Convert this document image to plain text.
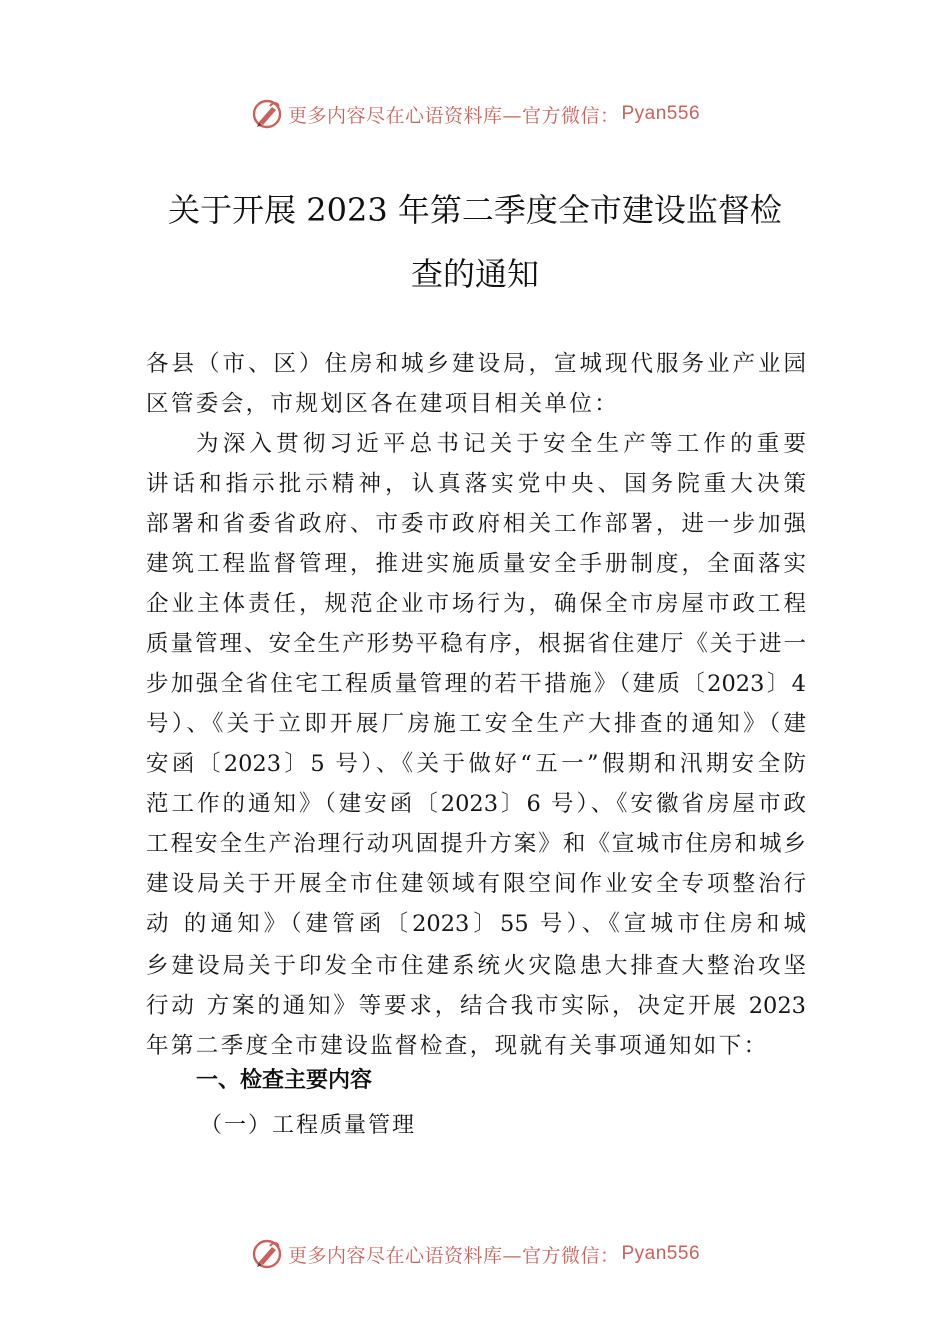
更多内容尽在心语资料库—官方微信： Pyan556
关于开展 2023 年第二季度全市建设监督检
查的通知
各县（市、区）住房和城乡建设局，宣城现代服务业产业园
区管委会，市规划区各在建项目相关单位：
为深入贯彻习近平总书记关于安全生产等工作的重要
讲话和指示批示精神，认真落实党中央、国务院重大决策
部署和省委省政府、市委市政府相关工作部署，进一步加强
建筑工程监督管理，推进实施质量安全手册制度，全面落实
企业主体责任，规范企业市场行为，确保全市房屋市政工程
质量管理、安全生产形势平稳有序，根据省住建厅《关于进一
步加强全省住宅工程质量管理的若干措施》（建质〔2023〕4
号）、《关于立即开展厂房施工安全生产大排查的通知》（建
安函〔2023〕5 号）、《关于做好“五一”假期和汛期安全防
范工作的通知》（建安函〔2023〕6 号）、《安徽省房屋市政
工程安全生产治理行动巩固提升方案》和《宣城市住房和城乡
建设局关于开展全市住建领域有限空间作业安全专项整治行
动 的通知》（建管函〔2023〕55 号）、《宣城市住房和城
乡建设局关于印发全市住建系统火灾隐患大排查大整治攻坚
行动 方案的通知》等要求，结合我市实际，决定开展 2023
年第二季度全市建设监督检查，现就有关事项通知如下：
一、检查主要内容
（一）工程质量管理
更多内容尽在心语资料库—官方微信： Pyan556
